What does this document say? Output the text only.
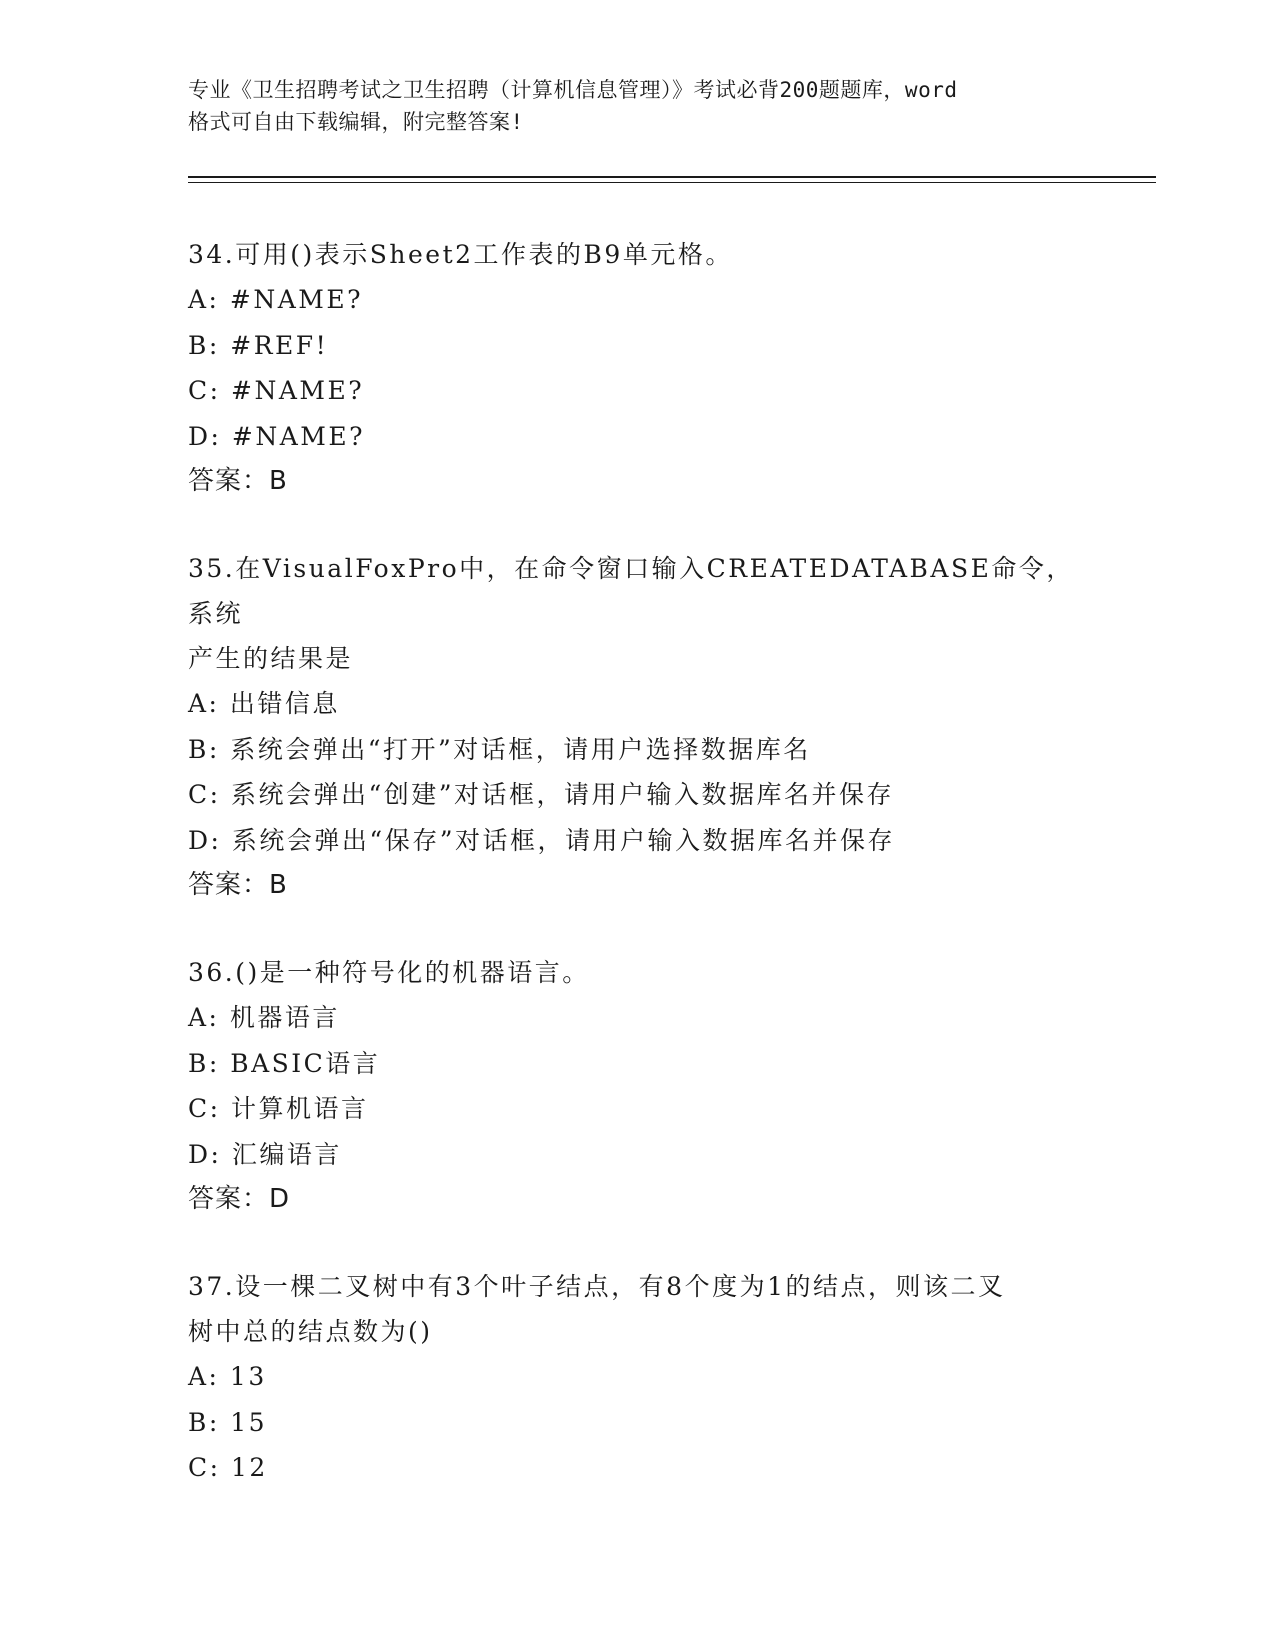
专业《卫生招聘考试之卫生招聘（计算机信息管理）》考试必背200题题库，word
格式可自由下载编辑，附完整答案!

34.可用()表示Sheet2工作表的B9单元格。

A: #NAME?

B: #REF!

C: #NAME?

D: #NAME?

答案：B

35.在VisualFoxPro中，在命令窗口输入CREATEDATABASE命令，系统

产生的结果是

A: 出错信息

B: 系统会弹出“打开”对话框，请用户选择数据库名

C: 系统会弹出“创建”对话框，请用户输入数据库名并保存

D: 系统会弹出“保存”对话框，请用户输入数据库名并保存

答案：B

36.()是一种符号化的机器语言。

A: 机器语言

B: BASIC语言

C: 计算机语言

D: 汇编语言

答案：D

37.设一棵二叉树中有3个叶子结点，有8个度为1的结点，则该二叉

树中总的结点数为()

A: 13

B: 15

C: 12
